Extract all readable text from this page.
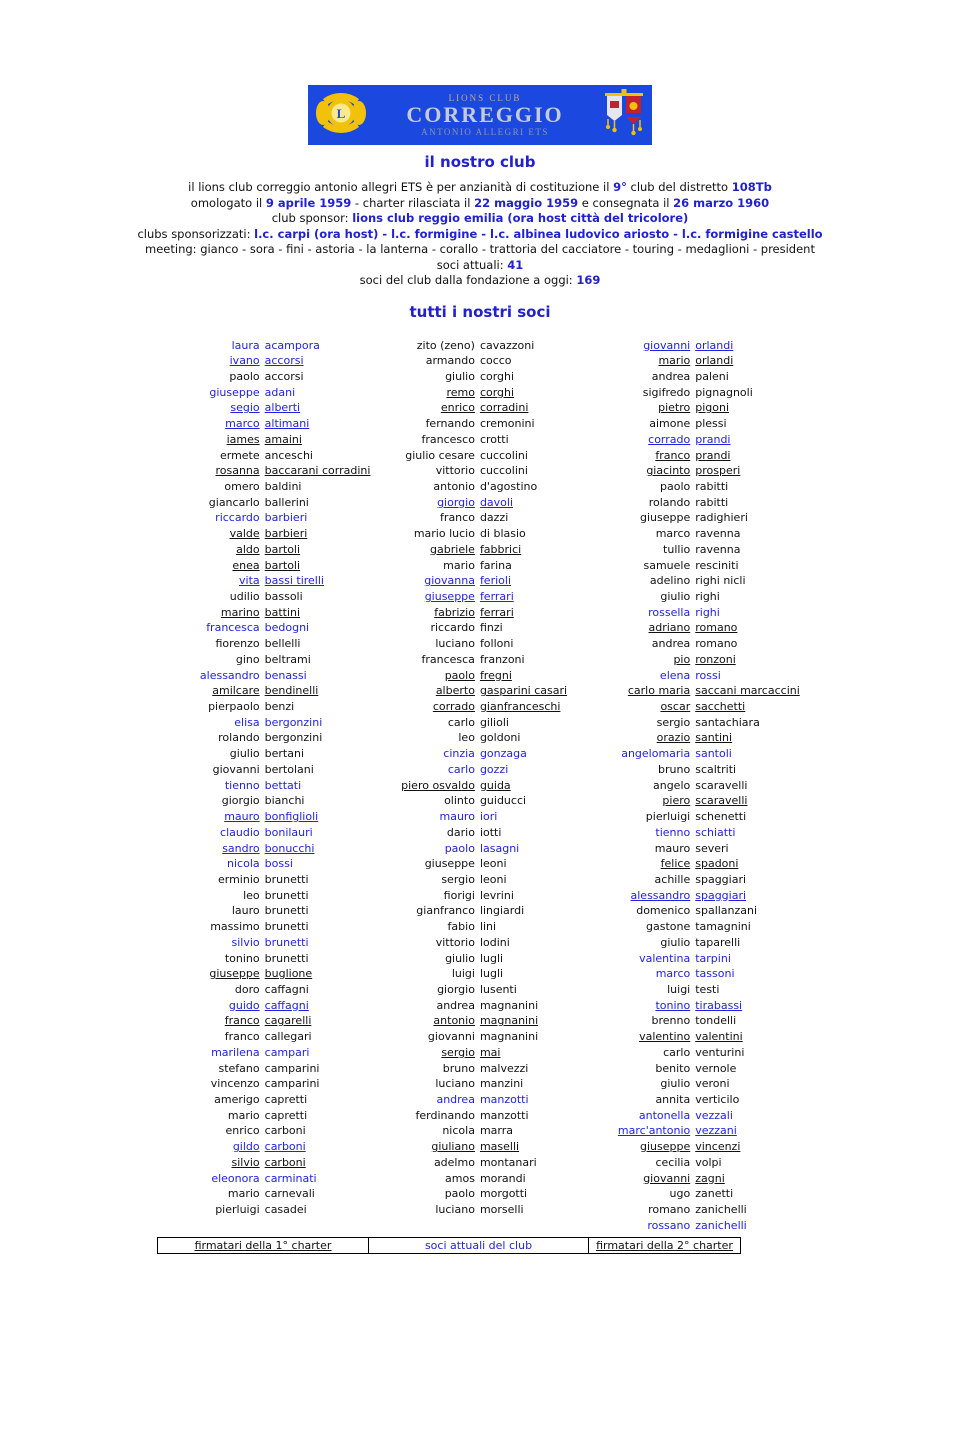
L
LIONS CLUB
CORREGGIO
ANTONIO ALLEGRI ETS
il nostro club
il lions club correggio antonio allegri ETS è per anzianità di costituzione il 9° club del distretto 108Tb
omologato il 9 aprile 1959 - charter rilasciata il 22 maggio 1959 e consegnata il 26 marzo 1960
club sponsor: lions club reggio emilia (ora host città del tricolore)
clubs sponsorizzati: l.c. carpi (ora host) - l.c. formigine - l.c. albinea ludovico ariosto - l.c. formigine castello
meeting: gianco - sora - fini - astoria - la lanterna - corallo - trattoria del cacciatore - touring - medaglioni - president
soci attuali: 41
soci del club dalla fondazione a oggi: 169
tutti i nostri soci
laura acampora
ivano accorsi
paolo accorsi
giuseppe adani
segio alberti
marco altimani
iames amaini
ermete anceschi
rosanna baccarani corradini
omero baldini
giancarlo ballerini
riccardo barbieri
valde barbieri
aldo bartoli
enea bartoli
vita bassi tirelli
udilio bassoli
marino battini
francesca bedogni
fiorenzo bellelli
gino beltrami
alessandro benassi
amilcare bendinelli
pierpaolo benzi
elisa bergonzini
rolando bergonzini
giulio bertani
giovanni bertolani
tienno bettati
giorgio bianchi
mauro bonfiglioli
claudio bonilauri
sandro bonucchi
nicola bossi
erminio brunetti
leo brunetti
lauro brunetti
massimo brunetti
silvio brunetti
tonino brunetti
giuseppe buglione
doro caffagni
guido caffagni
franco cagarelli
franco callegari
marilena campari
stefano camparini
vincenzo camparini
amerigo capretti
mario capretti
enrico carboni
gildo carboni
silvio carboni
eleonora carminati
mario carnevali
pierluigi casadei
zito (zeno) cavazzoni
armando cocco
giulio corghi
remo corghi
enrico corradini
fernando cremonini
francesco crotti
giulio cesare cuccolini
vittorio cuccolini
antonio d'agostino
giorgio davoli
franco dazzi
mario lucio di blasio
gabriele fabbrici
mario farina
giovanna ferioli
giuseppe ferrari
fabrizio ferrari
riccardo finzi
luciano folloni
francesca franzoni
paolo fregni
alberto gasparini casari
corrado gianfranceschi
carlo gilioli
leo goldoni
cinzia gonzaga
carlo gozzi
piero osvaldo guida
olinto guiducci
mauro iori
dario iotti
paolo lasagni
giuseppe leoni
sergio leoni
fiorigi levrini
gianfranco lingiardi
fabio lini
vittorio lodini
giulio lugli
luigi lugli
giorgio lusenti
andrea magnanini
antonio magnanini
giovanni magnanini
sergio mai
bruno malvezzi
luciano manzini
andrea manzotti
ferdinando manzotti
nicola marra
giuliano maselli
adelmo montanari
amos morandi
paolo morgotti
luciano morselli
giovanni orlandi
mario orlandi
andrea paleni
sigifredo pignagnoli
pietro pigoni
aimone plessi
corrado prandi
franco prandi
giacinto prosperi
paolo rabitti
rolando rabitti
giuseppe radighieri
marco ravenna
tullio ravenna
samuele resciniti
adelino righi nicli
giulio righi
rossella righi
adriano romano
andrea romano
pio ronzoni
elena rossi
carlo maria saccani marcaccini
oscar sacchetti
sergio santachiara
orazio santini
angelomaria santoli
bruno scaltriti
angelo scaravelli
piero scaravelli
pierluigi schenetti
tienno schiatti
mauro severi
felice spadoni
achille spaggiari
alessandro spaggiari
domenico spallanzani
gastone tamagnini
giulio taparelli
valentina tarpini
marco tassoni
luigi testi
tonino tirabassi
brenno tondelli
valentino valentini
carlo venturini
benito vernole
giulio veroni
annita verticilo
antonella vezzali
marc'antonio vezzani
giuseppe vincenzi
cecilia volpi
giovanni zagni
ugo zanetti
romano zanichelli
rossano zanichelli
firmatari della 1° charter	soci attuali del club	firmatari della 2° charter
